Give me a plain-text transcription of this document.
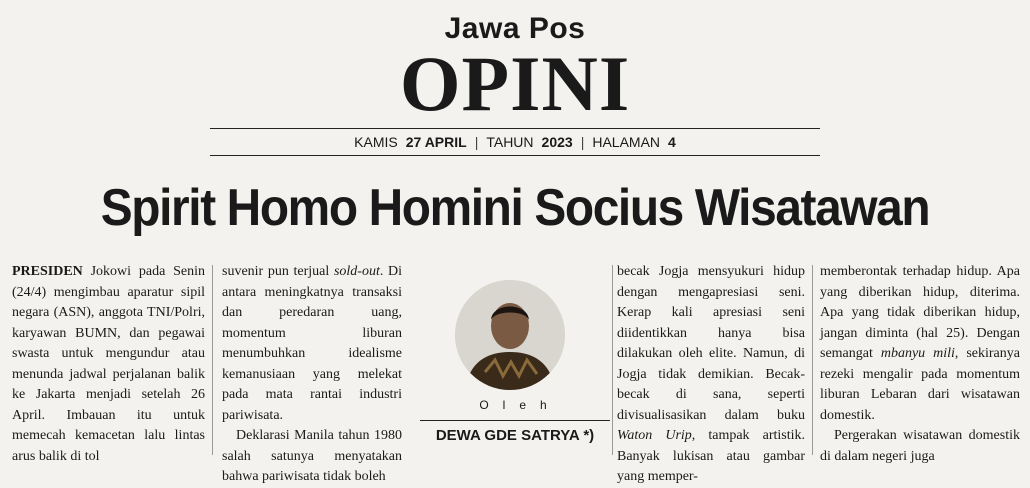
Jawa Pos
OPINI
KAMIS 27 APRIL | TAHUN 2023 | HALAMAN 4
Spirit Homo Homini Socius Wisatawan

PRESIDEN Jokowi pada Senin (24/4) mengimbau aparatur sipil negara (ASN), anggota TNI/Polri, karyawan BUMN, dan pegawai swasta untuk mengundur atau menunda jadwal perjalanan balik ke Jakarta menjadi setelah 26 April. Imbauan itu untuk memecah kemacetan lalu lintas arus balik di tol

suvenir pun terjual sold-out. Di antara meningkatnya transaksi dan peredaran uang, momentum liburan menumbuhkan idealisme kemanusiaan yang melekat pada mata rantai industri pariwisata.

Deklarasi Manila tahun 1980 salah satunya menyatakan bahwa pariwisata tidak boleh

Oleh
DEWA GDE SATRYA *)

becak Jogja mensyukuri hidup dengan mengapresiasi seni. Kerap kali apresiasi seni diidentikkan hanya bisa dilakukan oleh elite. Namun, di Jogja tidak demikian. Becak-becak di sana, seperti divisualisasikan dalam buku Waton Urip, tampak artistik. Banyak lukisan atau gambar yang memper-

memberontak terhadap hidup. Apa yang diberikan hidup, diterima. Apa yang tidak diberikan hidup, jangan diminta (hal 25). Dengan semangat mbanyu mili, sekiranya rezeki mengalir pada momentum liburan Lebaran dari wisatawan domestik.

Pergerakan wisatawan domestik di dalam negeri juga
